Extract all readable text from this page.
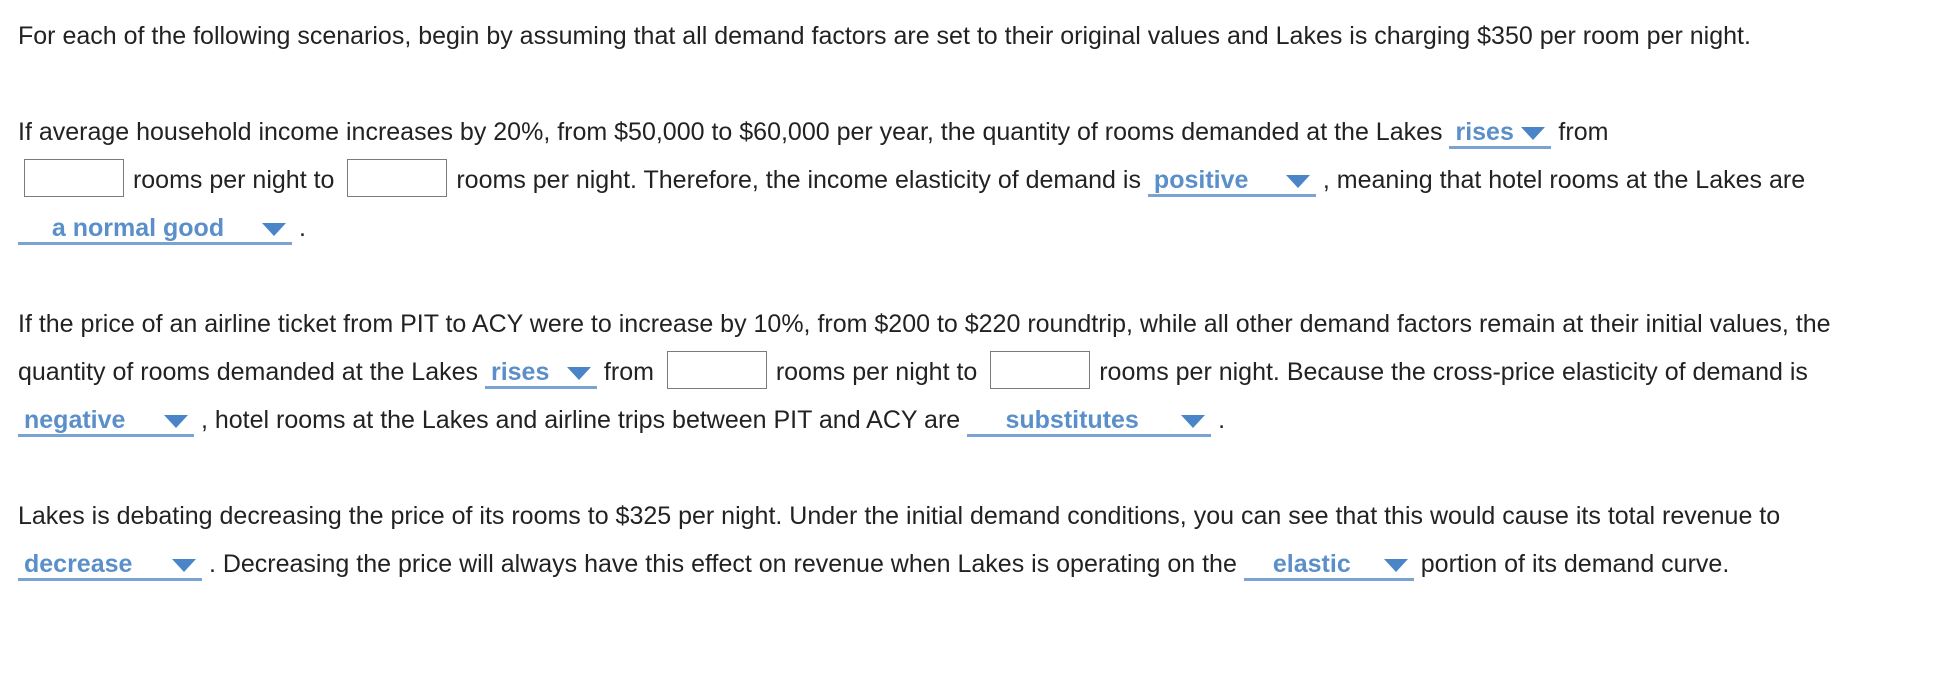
For each of the following scenarios, begin by assuming that all demand factors are set to their original values and Lakes is charging $350 per room per night.

If average household income increases by 20%, from $50,000 to $60,000 per year, the quantity of rooms demanded at the Lakes rises from
rooms per night to	rooms per night. Therefore, the income elasticity of demand is positive	, meaning that hotel rooms at the Lakes are
a normal good	.

If the price of an airline ticket from PIT to ACY were to increase by 10%, from $200 to $220 roundtrip, while all other demand factors remain at their initial values, the quantity of rooms demanded at the Lakes rises from	rooms per night to	rooms per night. Because the cross-price elasticity of demand is negative	, hotel rooms at the Lakes and airline trips between PIT and ACY are	substitutes	.

Lakes is debating decreasing the price of its rooms to $325 per night. Under the initial demand conditions, you can see that this would cause its total revenue to decrease	. Decreasing the price will always have this effect on revenue when Lakes is operating on the	elastic	portion of its demand curve.
